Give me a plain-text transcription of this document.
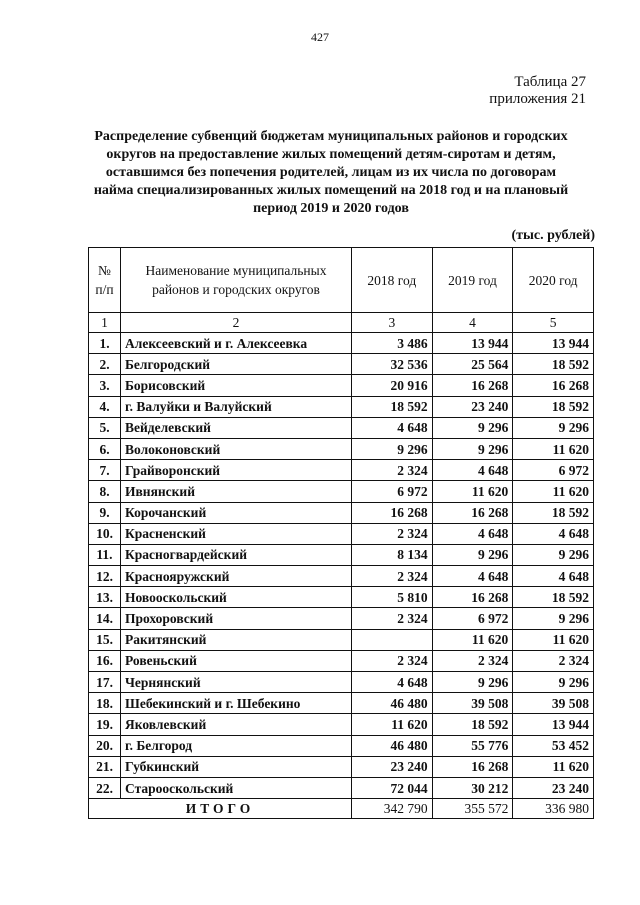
427
Таблица 27
приложения 21
Распределение субвенций бюджетам муниципальных районов и городских округов на предоставление жилых помещений детям-сиротам и детям, оставшимся без попечения родителей, лицам из их числа по договорам найма специализированных жилых помещений на 2018 год и на плановый период 2019 и 2020 годов
(тыс. рублей)
№ п/п	Наименование муниципальных районов и городских округов	2018 год	2019 год	2020 год
1	2	3	4	5
1.	Алексеевский и г. Алексеевка	3 486	13 944	13 944
2.	Белгородский	32 536	25 564	18 592
3.	Борисовский	20 916	16 268	16 268
4.	г. Валуйки и Валуйский	18 592	23 240	18 592
5.	Вейделевский	4 648	9 296	9 296
6.	Волоконовский	9 296	9 296	11 620
7.	Грайворонский	2 324	4 648	6 972
8.	Ивнянский	6 972	11 620	11 620
9.	Корочанский	16 268	16 268	18 592
10.	Красненский	2 324	4 648	4 648
11.	Красногвардейский	8 134	9 296	9 296
12.	Краснояружский	2 324	4 648	4 648
13.	Новооскольский	5 810	16 268	18 592
14.	Прохоровский	2 324	6 972	9 296
15.	Ракитянский		11 620	11 620
16.	Ровеньский	2 324	2 324	2 324
17.	Чернянский	4 648	9 296	9 296
18.	Шебекинский и г. Шебекино	46 480	39 508	39 508
19.	Яковлевский	11 620	18 592	13 944
20.	г. Белгород	46 480	55 776	53 452
21.	Губкинский	23 240	16 268	11 620
22.	Старооскольский	72 044	30 212	23 240
ИТОГО		342 790	355 572	336 980
